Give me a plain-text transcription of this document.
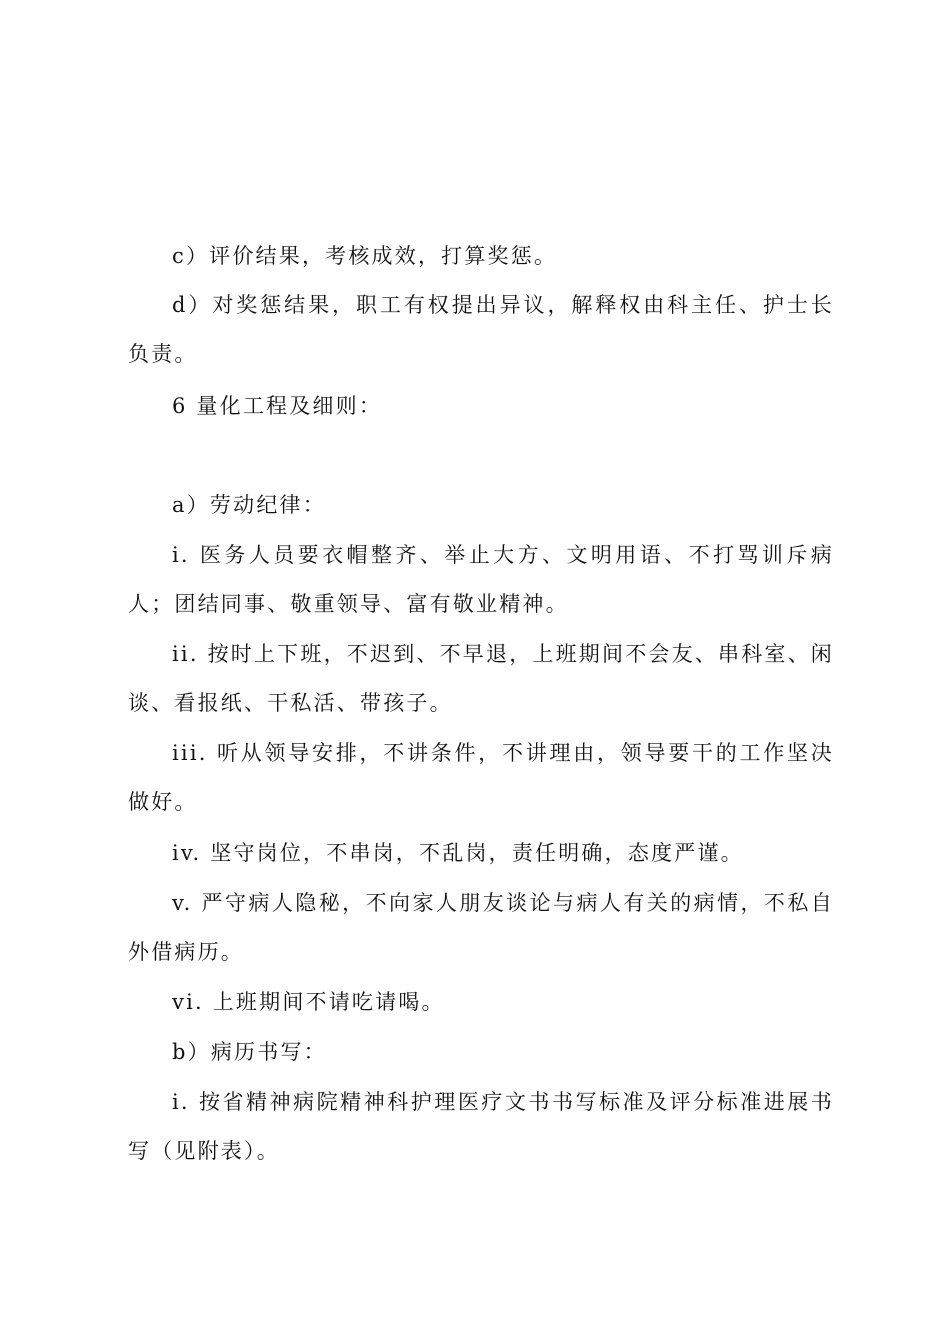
c）评价结果，考核成效，打算奖惩。

d）对奖惩结果，职工有权提出异议，解释权由科主任、护士长负责。

6 量化工程及细则：

a）劳动纪律：

i. 医务人员要衣帽整齐、举止大方、文明用语、不打骂训斥病人；团结同事、敬重领导、富有敬业精神。

ii. 按时上下班，不迟到、不早退，上班期间不会友、串科室、闲谈、看报纸、干私活、带孩子。

iii. 听从领导安排，不讲条件，不讲理由，领导要干的工作坚决做好。

iv. 坚守岗位，不串岗，不乱岗，责任明确，态度严谨。

v. 严守病人隐秘，不向家人朋友谈论与病人有关的病情，不私自外借病历。

vi. 上班期间不请吃请喝。

b）病历书写：

i. 按省精神病院精神科护理医疗文书书写标准及评分标准进展书写（见附表）。
